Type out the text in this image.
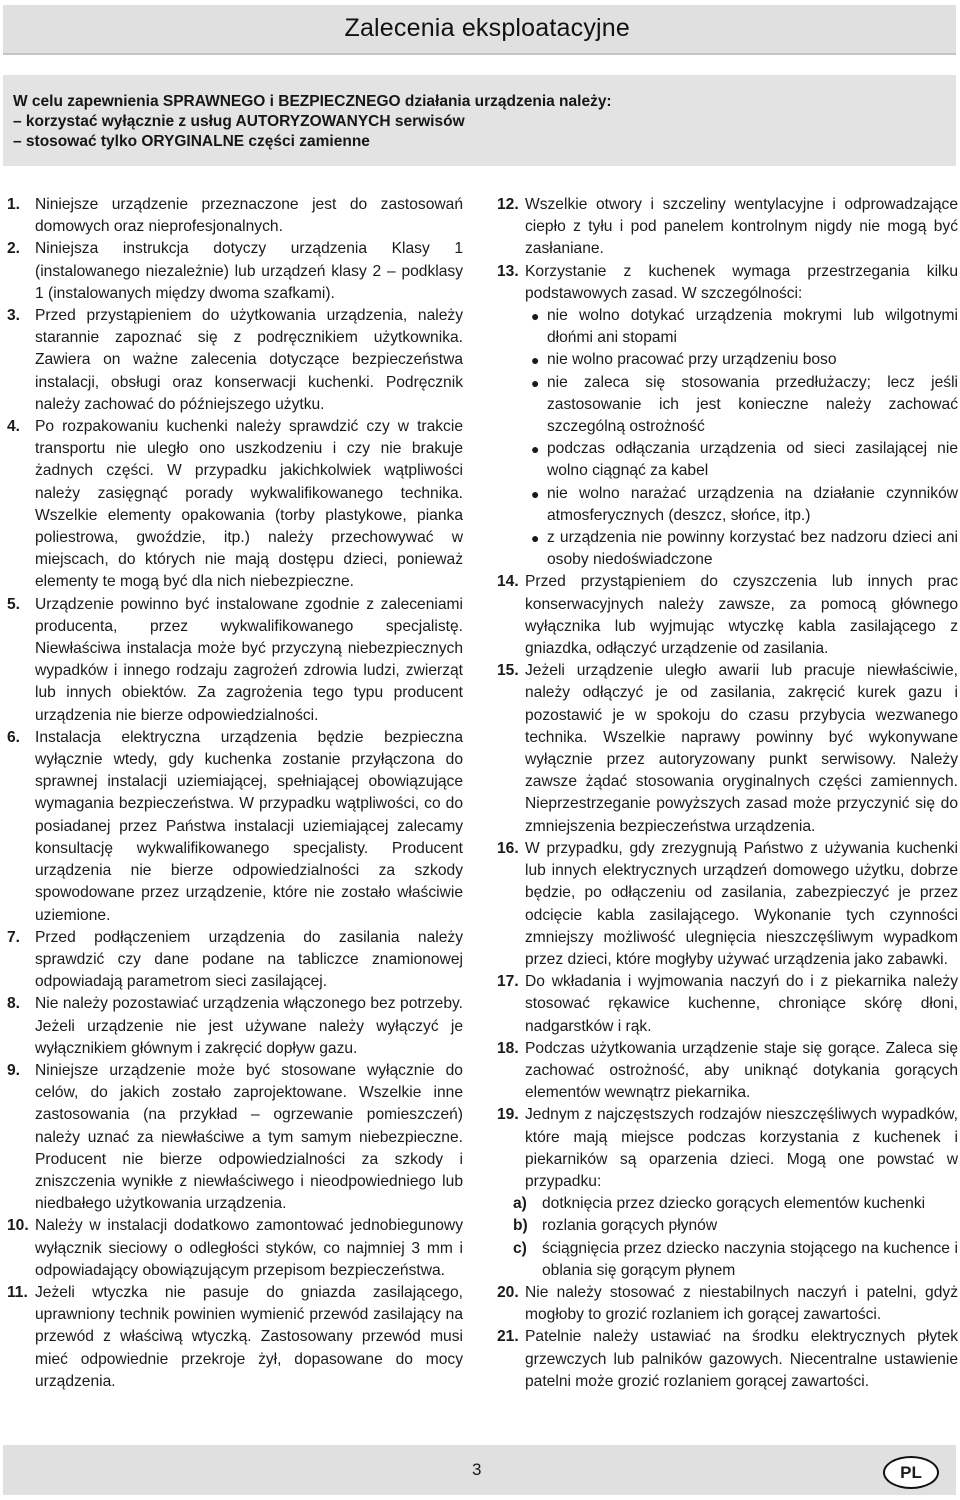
Zalecenia eksploatacyjne
W celu zapewnienia SPRAWNEGO i BEZPIECZNEGO działania urządzenia należy:
– korzystać wyłącznie z usług AUTORYZOWANYCH serwisów
– stosować tylko ORYGINALNE części zamienne
1. Niniejsze urządzenie przeznaczone jest do zastosowań domowych oraz nieprofesjonalnych.
2. Niniejsza instrukcja dotyczy urządzenia Klasy 1 (instalowanego niezależnie) lub urządzeń klasy 2 – podklasy 1 (instalowanych między dwoma szafkami).
3. Przed przystąpieniem do użytkowania urządzenia, należy starannie zapoznać się z podręcznikiem użytkownika. Zawiera on ważne zalecenia dotyczące bezpieczeństwa instalacji, obsługi oraz konserwacji kuchenki. Podręcznik należy zachować do późniejszego użytku.
4. Po rozpakowaniu kuchenki należy sprawdzić czy w trakcie transportu nie uległo ono uszkodzeniu i czy nie brakuje żadnych części. W przypadku jakichkolwiek wątpliwości należy zasięgnąć porady wykwalifikowanego technika. Wszelkie elementy opakowania (torby plastykowe, pianka poliestrowa, gwoździe, itp.) należy przechowywać w miejscach, do których nie mają dostępu dzieci, ponieważ elementy te mogą być dla nich niebezpieczne.
5. Urządzenie powinno być instalowane zgodnie z zaleceniami producenta, przez wykwalifikowanego specjalistę. Niewłaściwa instalacja może być przyczyną niebezpiecznych wypadków i innego rodzaju zagrożeń zdrowia ludzi, zwierząt lub innych obiektów. Za zagrożenia tego typu producent urządzenia nie bierze odpowiedzialności.
6. Instalacja elektryczna urządzenia będzie bezpieczna wyłącznie wtedy, gdy kuchenka zostanie przyłączona do sprawnej instalacji uziemiającej, spełniającej obowiązujące wymagania bezpieczeństwa. W przypadku wątpliwości, co do posiadanej przez Państwa instalacji uziemiającej zalecamy konsultację wykwalifikowanego specjalisty. Producent urządzenia nie bierze odpowiedzialności za szkody spowodowane przez urządzenie, które nie zostało właściwie uziemione.
7. Przed podłączeniem urządzenia do zasilania należy sprawdzić czy dane podane na tabliczce znamionowej odpowiadają parametrom sieci zasilającej.
8. Nie należy pozostawiać urządzenia włączonego bez potrzeby. Jeżeli urządzenie nie jest używane należy wyłączyć je wyłącznikiem głównym i zakręcić dopływ gazu.
9. Niniejsze urządzenie może być stosowane wyłącznie do celów, do jakich zostało zaprojektowane. Wszelkie inne zastosowania (na przykład – ogrzewanie pomieszczeń) należy uznać za niewłaściwe a tym samym niebezpieczne. Producent nie bierze odpowiedzialności za szkody i zniszczenia wynikłe z niewłaściwego i nieodpowiedniego lub niedbałego użytkowania urządzenia.
10. Należy w instalacji dodatkowo zamontować jednobiegunowy wyłącznik sieciowy o odległości styków, co najmniej 3 mm i odpowiadający obowiązującym przepisom bezpieczeństwa.
11. Jeżeli wtyczka nie pasuje do gniazda zasilającego, uprawniony technik powinien wymienić przewód zasilający na przewód z właściwą wtyczką. Zastosowany przewód musi mieć odpowiednie przekroje żył, dopasowane do mocy urządzenia.
12. Wszelkie otwory i szczeliny wentylacyjne i odprowadzające ciepło z tyłu i pod panelem kontrolnym nigdy nie mogą być zasłaniane.
13. Korzystanie z kuchenek wymaga przestrzegania kilku podstawowych zasad. W szczególności:
● nie wolno dotykać urządzenia mokrymi lub wilgotnymi dłońmi ani stopami
● nie wolno pracować przy urządzeniu boso
● nie zaleca się stosowania przedłużaczy; lecz jeśli zastosowanie ich jest konieczne należy zachować szczególną ostrożność
● podczas odłączania urządzenia od sieci zasilającej nie wolno ciągnąć za kabel
● nie wolno narażać urządzenia na działanie czynników atmosferycznych (deszcz, słońce, itp.)
● z urządzenia nie powinny korzystać bez nadzoru dzieci ani osoby niedoświadczone
14. Przed przystąpieniem do czyszczenia lub innych prac konserwacyjnych należy zawsze, za pomocą głównego wyłącznika lub wyjmując wtyczkę kabla zasilającego z gniazdka, odłączyć urządzenie od zasilania.
15. Jeżeli urządzenie uległo awarii lub pracuje niewłaściwie, należy odłączyć je od zasilania, zakręcić kurek gazu i pozostawić je w spokoju do czasu przybycia wezwanego technika. Wszelkie naprawy powinny być wykonywane wyłącznie przez autoryzowany punkt serwisowy. Należy zawsze żądać stosowania oryginalnych części zamiennych. Nieprzestrzeganie powyższych zasad może przyczynić się do zmniejszenia bezpieczeństwa urządzenia.
16. W przypadku, gdy zrezygnują Państwo z używania kuchenki lub innych elektrycznych urządzeń domowego użytku, dobrze będzie, po odłączeniu od zasilania, zabezpieczyć je przez odcięcie kabla zasilającego. Wykonanie tych czynności zmniejszy możliwość ulegnięcia nieszczęśliwym wypadkom przez dzieci, które mogłyby używać urządzenia jako zabawki.
17. Do wkładania i wyjmowania naczyń do i z piekarnika należy stosować rękawice kuchenne, chroniące skórę dłoni, nadgarstków i rąk.
18. Podczas użytkowania urządzenie staje się gorące. Zaleca się zachować ostrożność, aby uniknąć dotykania gorących elementów wewnątrz piekarnika.
19. Jednym z najczęstszych rodzajów nieszczęśliwych wypadków, które mają miejsce podczas korzystania z kuchenek i piekarników są oparzenia dzieci. Mogą one powstać w przypadku:
a) dotknięcia przez dziecko gorących elementów kuchenki
b) rozlania gorących płynów
c) ściągnięcia przez dziecko naczynia stojącego na kuchence i oblania się gorącym płynem
20. Nie należy stosować z niestabilnych naczyń i patelni, gdyż mogłoby to grozić rozlaniem ich gorącej zawartości.
21. Patelnie należy ustawiać na środku elektrycznych płytek grzewczych lub palników gazowych. Niecentralne ustawienie patelni może grozić rozlaniem gorącej zawartości.
3	PL
